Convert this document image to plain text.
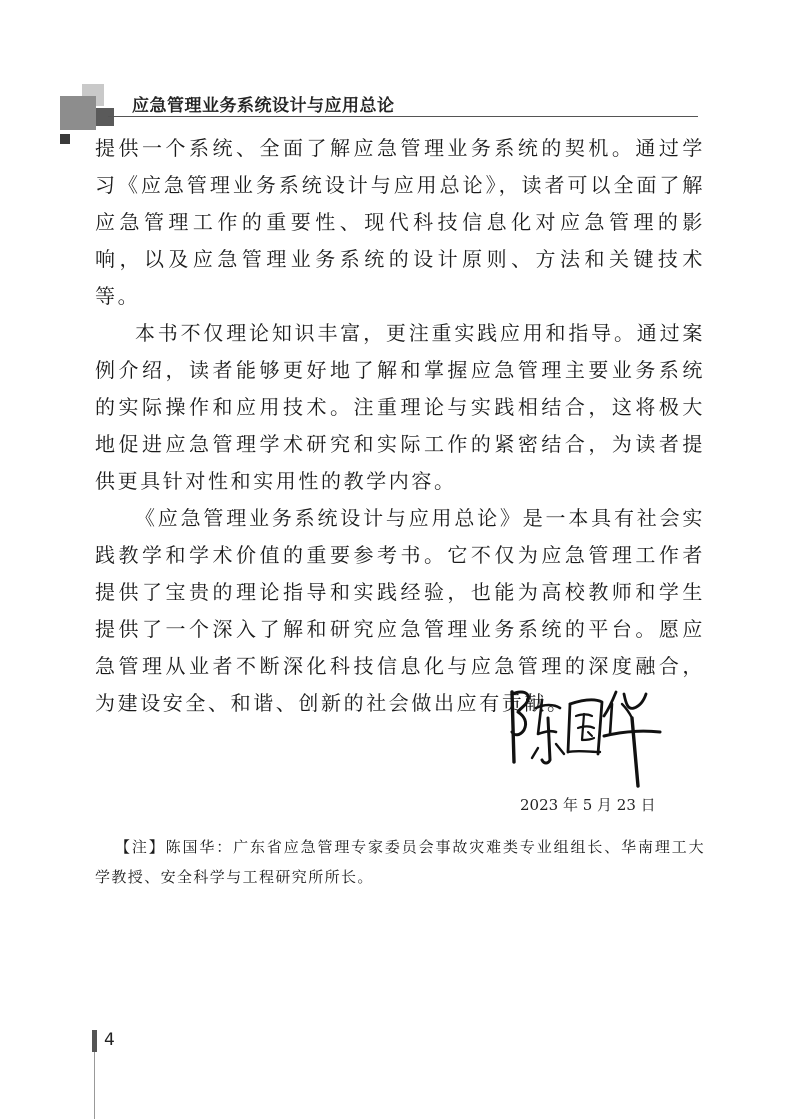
应急管理业务系统设计与应用总论

提供一个系统、全面了解应急管理业务系统的契机。通过学习《应急管理业务系统设计与应用总论》，读者可以全面了解应急管理工作的重要性、现代科技信息化对应急管理的影响，以及应急管理业务系统的设计原则、方法和关键技术等。

本书不仅理论知识丰富，更注重实践应用和指导。通过案例介绍，读者能够更好地了解和掌握应急管理主要业务系统的实际操作和应用技术。注重理论与实践相结合，这将极大地促进应急管理学术研究和实际工作的紧密结合，为读者提供更具针对性和实用性的教学内容。

《应急管理业务系统设计与应用总论》是一本具有社会实践教学和学术价值的重要参考书。它不仅为应急管理工作者提供了宝贵的理论指导和实践经验，也能为高校教师和学生提供了一个深入了解和研究应急管理业务系统的平台。愿应急管理从业者不断深化科技信息化与应急管理的深度融合，为建设安全、和谐、创新的社会做出应有贡献。

2023 年 5 月 23 日

【注】陈国华：广东省应急管理专家委员会事故灾难类专业组组长、华南理工大学教授、安全科学与工程研究所所长。

4
